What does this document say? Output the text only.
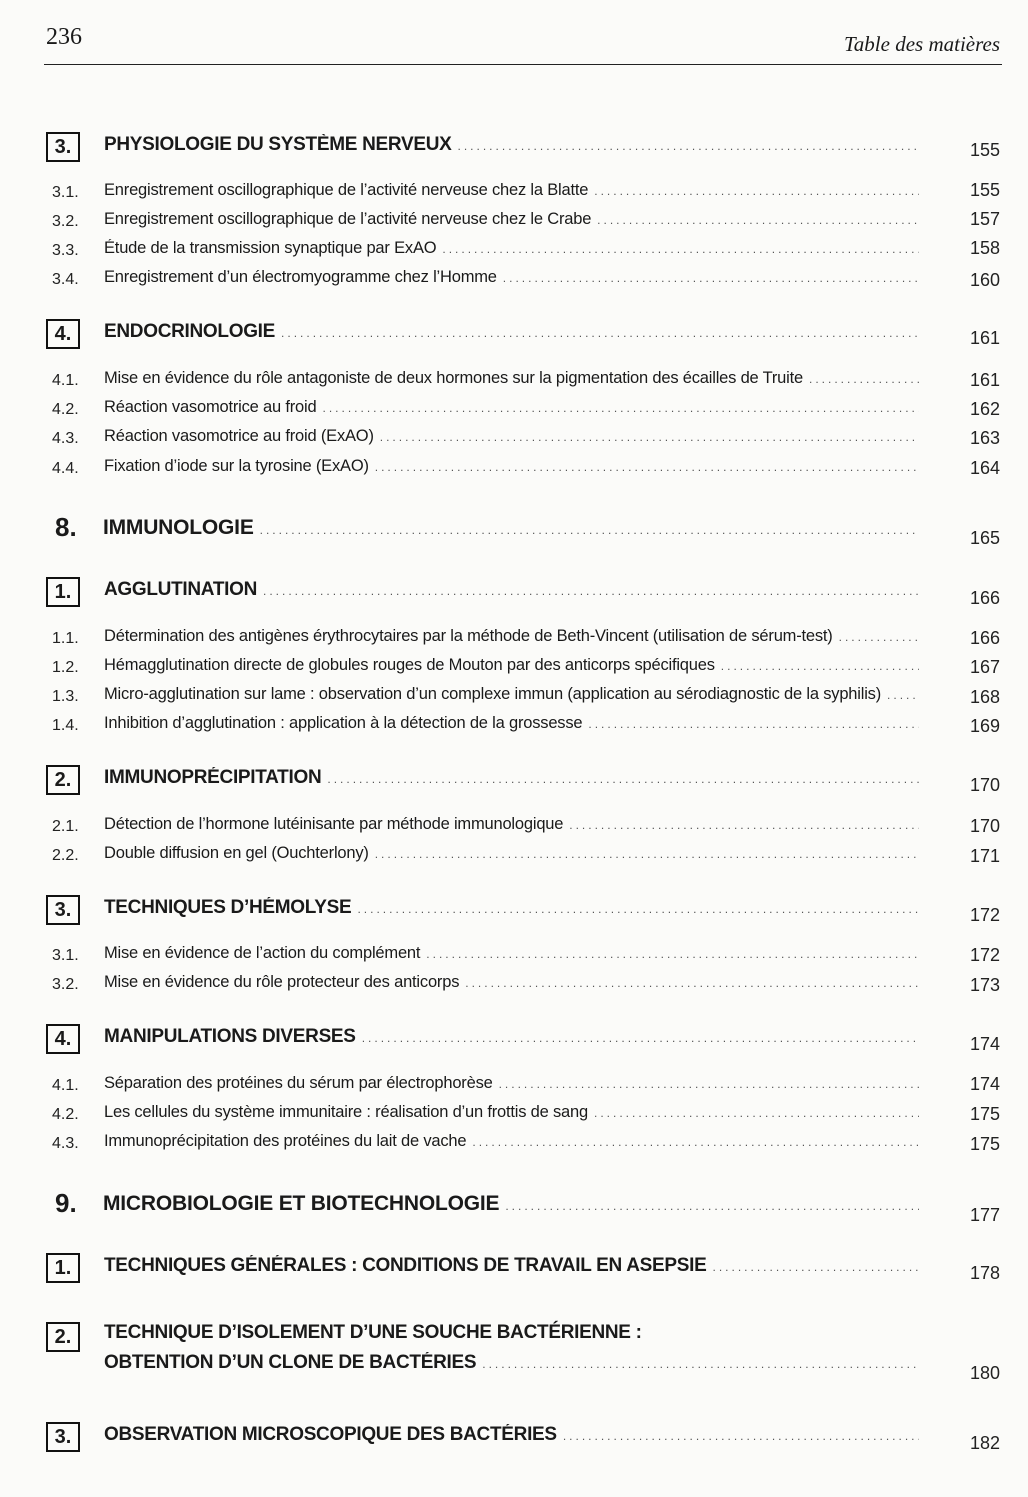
236	Table des matières
3.	PHYSIOLOGIE DU SYSTÈME NERVEUX .....	155
3.1. Enregistrement oscillographique de l’activité nerveuse chez la Blatte .....	155
3.2. Enregistrement oscillographique de l’activité nerveuse chez le Crabe .....	157
3.3. Étude de la transmission synaptique par ExAO .....	158
3.4. Enregistrement d’un électromyogramme chez l’Homme .....	160
4.	ENDOCRINOLOGIE .....	161
4.1. Mise en évidence du rôle antagoniste de deux hormones sur la pigmentation des écailles de Truite .....	161
4.2. Réaction vasomotrice au froid .....	162
4.3. Réaction vasomotrice au froid (ExAO) .....	163
4.4. Fixation d’iode sur la tyrosine (ExAO) .....	164
8. IMMUNOLOGIE .....	165
1.	AGGLUTINATION .....	166
1.1. Détermination des antigènes érythrocytaires par la méthode de Beth-Vincent (utilisation de sérum-test) .....	166
1.2. Hémagglutination directe de globules rouges de Mouton par des anticorps spécifiques .....	167
1.3. Micro-agglutination sur lame : observation d’un complexe immun (application au sérodiagnostic de la syphilis) .....	168
1.4. Inhibition d’agglutination : application à la détection de la grossesse .....	169
2.	IMMUNOPRÉCIPITATION .....	170
2.1. Détection de l’hormone lutéinisante par méthode immunologique .....	170
2.2. Double diffusion en gel (Ouchterlony) .....	171
3.	TECHNIQUES D’HÉMOLYSE .....	172
3.1. Mise en évidence de l’action du complément .....	172
3.2. Mise en évidence du rôle protecteur des anticorps .....	173
4.	MANIPULATIONS DIVERSES .....	174
4.1. Séparation des protéines du sérum par électrophorèse .....	174
4.2. Les cellules du système immunitaire : réalisation d’un frottis de sang .....	175
4.3. Immunoprécipitation des protéines du lait de vache .....	175
9. MICROBIOLOGIE ET BIOTECHNOLOGIE .....	177
1.	TECHNIQUES GÉNÉRALES : CONDITIONS DE TRAVAIL EN ASEPSIE .....	178
2.	TECHNIQUE D’ISOLEMENT D’UNE SOUCHE BACTÉRIENNE :
OBTENTION D’UN CLONE DE BACTÉRIES .....	180
3.	OBSERVATION MICROSCOPIQUE DES BACTÉRIES .....	182
